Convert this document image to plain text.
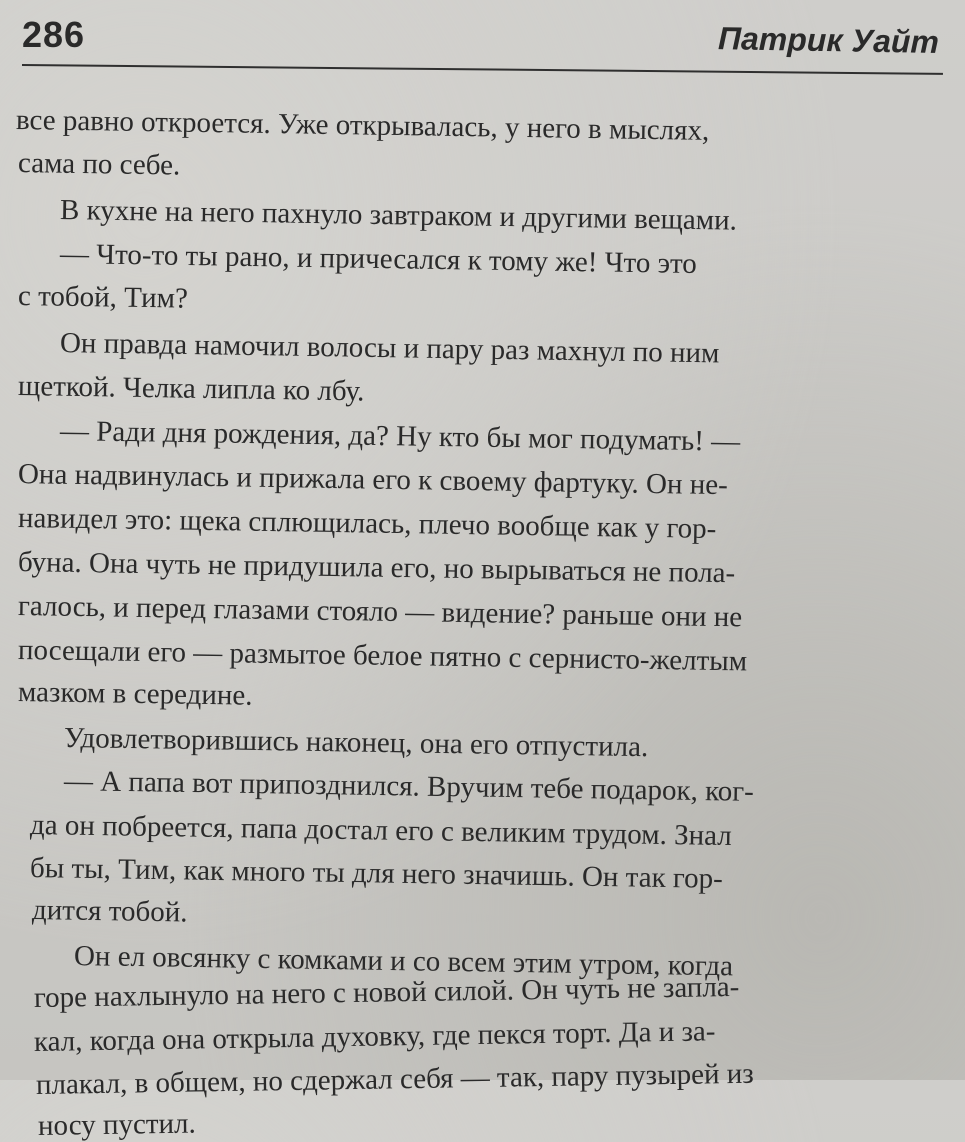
286	Патрик Уайт
все равно откроется. Уже открывалась, у него в мыслях,
сама по себе.
В кухне на него пахнуло завтраком и другими вещами.
— Что-то ты рано, и причесался к тому же! Что это
с тобой, Тим?
Он правда намочил волосы и пару раз махнул по ним
щеткой. Челка липла ко лбу.
— Ради дня рождения, да? Ну кто бы мог подумать! —
Она надвинулась и прижала его к своему фартуку. Он не-
навидел это: щека сплющилась, плечо вообще как у гор-
буна. Она чуть не придушила его, но вырываться не пола-
галось, и перед глазами стояло — видение? раньше они не
посещали его — размытое белое пятно с сернисто-желтым
мазком в середине.
Удовлетворившись наконец, она его отпустила.
— А папа вот припозднился. Вручим тебе подарок, ког-
да он побреется, папа достал его с великим трудом. Знал
бы ты, Тим, как много ты для него значишь. Он так гор-
дится тобой.
Он ел овсянку с комками и со всем этим утром, когда
горе нахлынуло на него с новой силой. Он чуть не запла-
кал, когда она открыла духовку, где пекся торт. Да и за-
плакал, в общем, но сдержал себя — так, пару пузырей из
носу пустил.
